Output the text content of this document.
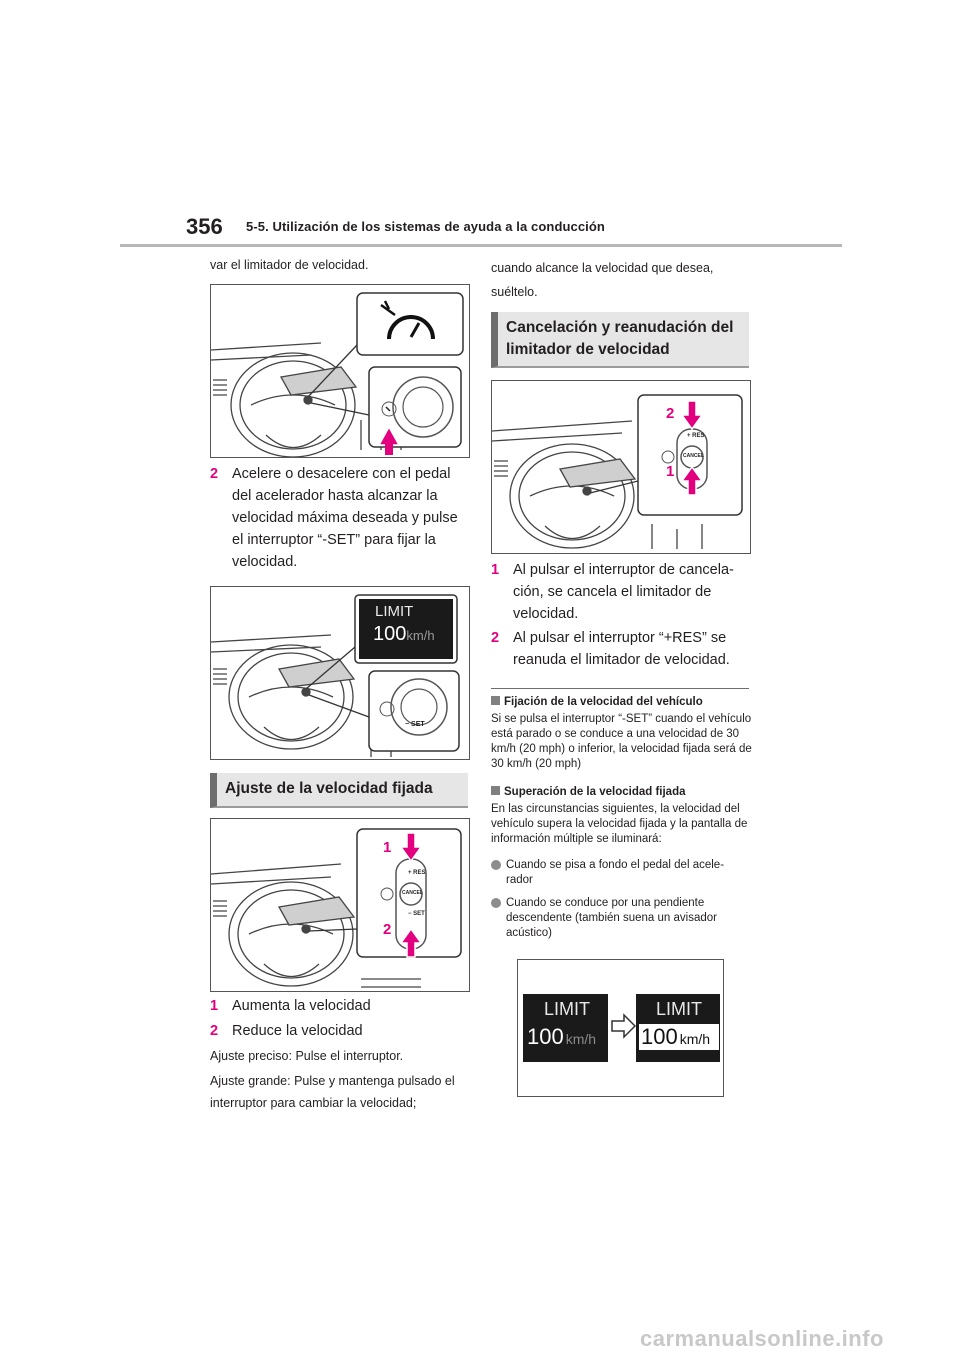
356 5-5. Utilización de los sistemas de ayuda a la conducción
var el limitador de velocidad.
2 Acelere o desacelere con el pedal del acelerador hasta alcanzar la velocidad máxima deseada y pulse el interruptor “-SET” para fijar la velocidad.
LIMIT
100km/h
− SET
Ajuste de la velocidad fijada
+ RES
CANCEL
− SET
1
2
1 Aumenta la velocidad
2 Reduce la velocidad
Ajuste preciso: Pulse el interruptor.
Ajuste grande: Pulse y mantenga pulsado el interruptor para cambiar la velocidad;
cuando alcance la velocidad que desea, suéltelo.
Cancelación y reanudación del limitador de velocidad
+ RES
CANCEL
2
1
1 Al pulsar el interruptor de cancela- ción, se cancela el limitador de velocidad.
2 Al pulsar el interruptor “+RES” se reanuda el limitador de velocidad.
Fijación de la velocidad del vehículo
Si se pulsa el interruptor “-SET” cuando el vehículo está parado o se conduce a una velocidad de 30 km/h (20 mph) o inferior, la velocidad fijada será de 30 km/h (20 mph)
Superación de la velocidad fijada
En las circunstancias siguientes, la velocidad del vehículo supera la velocidad fijada y la pantalla de información múltiple se iluminará:
Cuando se pisa a fondo el pedal del acele- rador
Cuando se conduce por una pendiente descendente (también suena un avisador acústico)
LIMIT
100 km/h
LIMIT
100 km/h
carmanualsonline.info
